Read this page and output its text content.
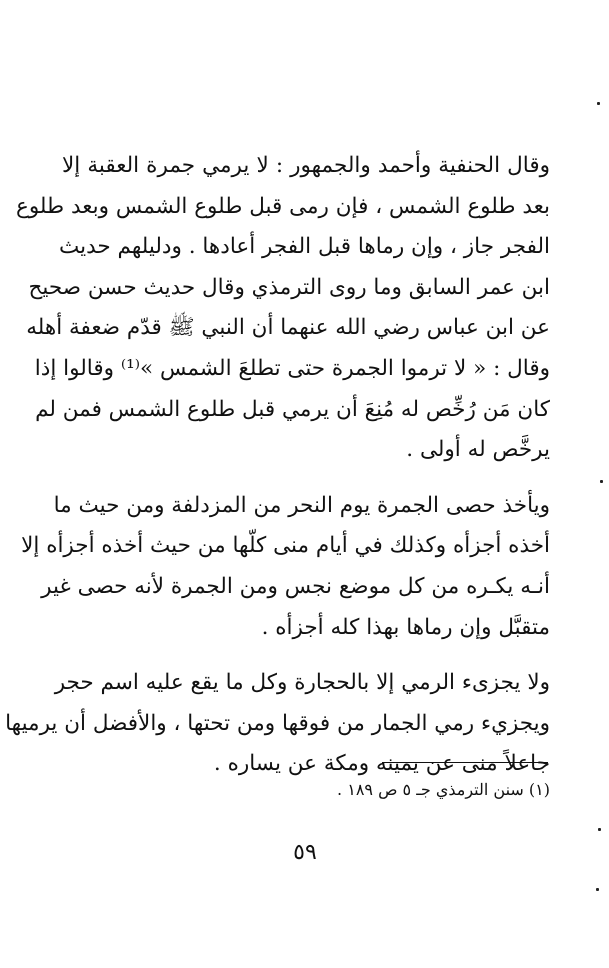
وقال الحنفية وأحمد والجمهور : لا يرمي جمرة العقبة إلا
بعد طلوع الشمس ، فإن رمى قبل طلوع الشمس وبعد طلوع
الفجر جاز ، وإن رماها قبل الفجر أعادها . ودليلهم حديث
ابن عمر السابق وما روى الترمذي وقال حديث حسن صحيح
عن ابن عباس رضي الله عنهما أن النبي ﷺ قدّم ضعفة أهله
وقال : « لا ترموا الجمرة حتى تطلعَ الشمس »⁽¹⁾ وقالوا إذا
كان مَن رُخِّص له مُنِعَ أن يرمي قبل طلوع الشمس فمن لم
يرخَّص له أولى .
ويأخذ حصى الجمرة يوم النحر من المزدلفة ومن حيث ما
أخذه أجزأه وكذلك في أيام منى كلّها من حيث أخذه أجزأه إلا
أنـه يكـره من كل موضع نجس ومن الجمرة لأنه حصى غير
متقبَّل وإن رماها بهذا كله أجزأه .
ولا يجزىء الرمي إلا بالحجارة وكل ما يقع عليه اسم حجر
ويجزيء رمي الجمار من فوقها ومن تحتها ، والأفضل أن يرميها
جاعلاً منى عن يمينه ومكة عن يساره .
(١) سنن الترمذي جـ ٥ ص ١٨٩ .
٥٩
